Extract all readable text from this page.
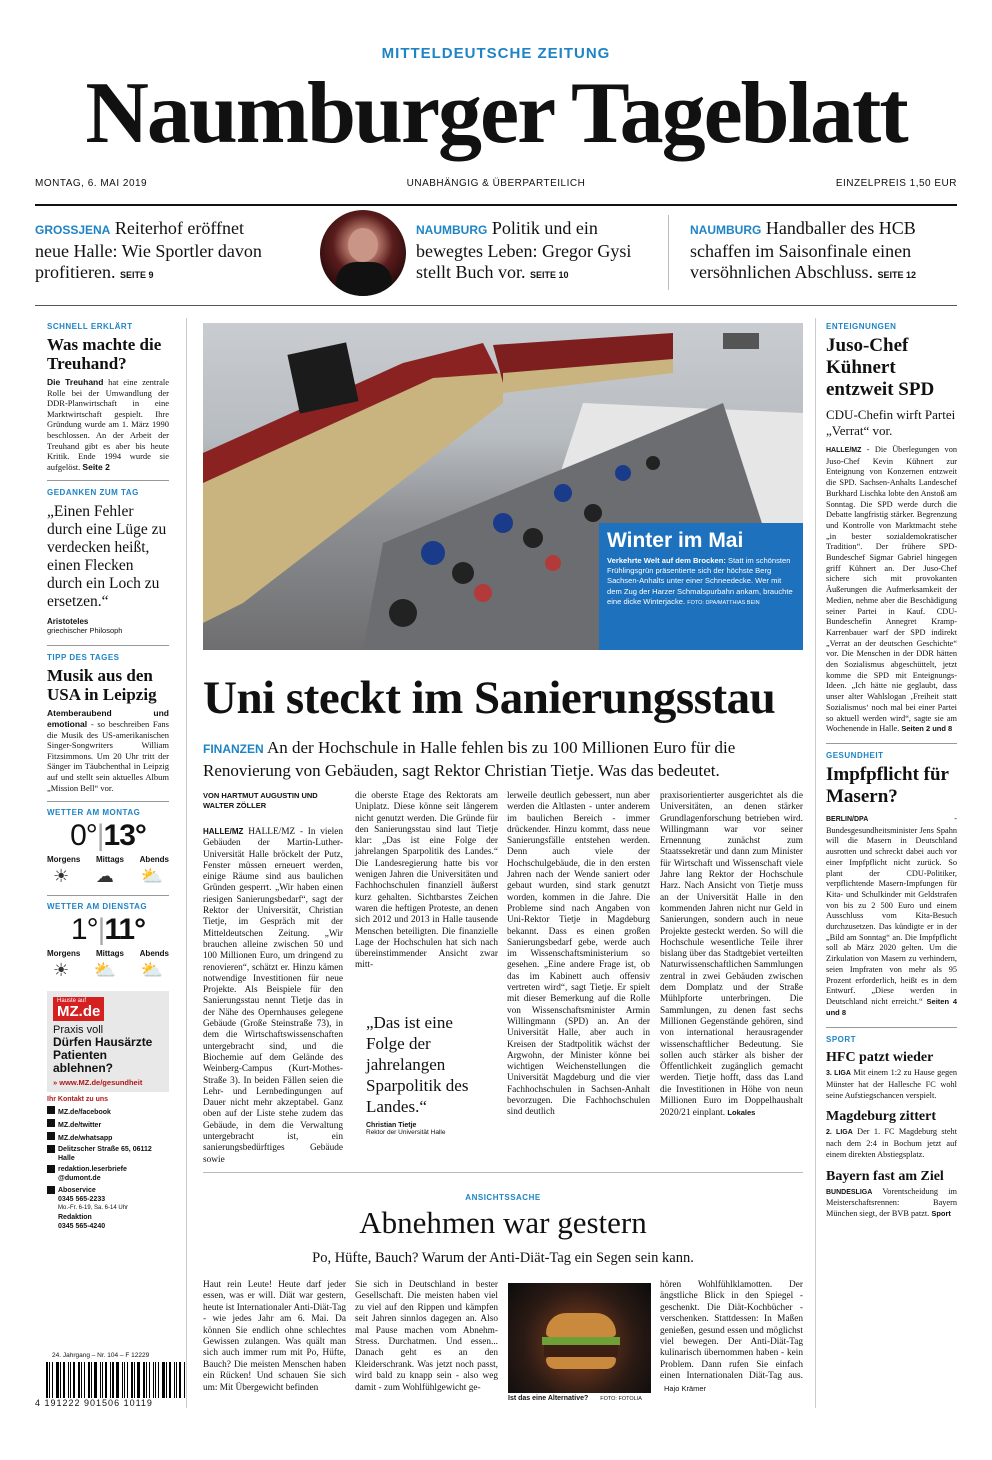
MITTELDEUTSCHE ZEITUNG
Naumburger Tageblatt
MONTAG, 6. MAI 2019	UNABHÄNGIG & ÜBERPARTEILICH	EINZELPREIS 1,50 EUR
GROSSJENA Reiterhof eröffnet neue Halle: Wie Sportler davon profitieren. SEITE 9
NAUMBURG Politik und ein bewegtes Leben: Gregor Gysi stellt Buch vor. SEITE 10
NAUMBURG Handballer des HCB schaffen im Saisonfinale einen versöhnlichen Abschluss. SEITE 12
SCHNELL ERKLÄRT
Was machte die Treuhand?
Die Treuhand hat eine zentrale Rolle bei der Umwandlung der DDR-Planwirtschaft in eine Marktwirtschaft gespielt. Ihre Gründung wurde am 1. März 1990 beschlossen. An der Arbeit der Treuhand gibt es aber bis heute Kritik. Ende 1994 wurde sie aufgelöst. Seite 2
GEDANKEN ZUM TAG
„Einen Fehler durch eine Lüge zu verdecken heißt, einen Flecken durch ein Loch zu ersetzen.“
Aristoteles
griechischer Philosoph
TIPP DES TAGES
Musik aus den USA in Leipzig
Atemberaubend und emotional - so beschreiben Fans die Musik des US-amerikanischen Singer-Songwriters William Fitzsimmons. Um 20 Uhr tritt der Sänger im Täubchenthal in Leipzig auf und stellt sein aktuelles Album „Mission Bell“ vor.
WETTER AM MONTAG
0°|13°
Morgens Mittags Abends
☀ ☁ ⛅
WETTER AM DIENSTAG
1°|11°
Morgens Mittags Abends
☀ ⛅ ⛅
Hauste auf
MZ.de
Praxis voll
Dürfen Hausärzte Patienten ablehnen?
» www.MZ.de/gesundheit
Ihr Kontakt zu uns
MZ.de/facebook
MZ.de/twitter
MZ.de/whatsapp
Delitzscher Straße 65, 06112 Halle
redaktion.leserbriefe @dumont.de
Aboservice
0345 565-2233
Mo.-Fr. 6-19, Sa. 6-14 Uhr
Redaktion
0345 565-4240
24. Jahrgang – Nr. 104 – F 12229
4 191222 901506 10119
Winter im Mai
Verkehrte Welt auf dem Brocken: Statt im schönsten Frühlingsgrün präsentierte sich der höchste Berg Sachsen-Anhalts unter einer Schneedecke. Wer mit dem Zug der Harzer Schmalspurbahn ankam, brauchte eine dicke Winterjacke. FOTO: DPA/MATTHIAS BEIN
Uni steckt im Sanierungsstau
FINANZEN An der Hochschule in Halle fehlen bis zu 100 Millionen Euro für die Renovierung von Gebäuden, sagt Rektor Christian Tietje. Was das bedeutet.
VON HARTMUT AUGUSTIN UND WALTER ZÖLLER
HALLE/MZ HALLE/MZ - In vielen Gebäuden der Martin-Luther-Universität Halle bröckelt der Putz, Fenster müssen erneuert werden, einige Räume sind aus baulichen Gründen gesperrt. „Wir haben einen riesigen Sanierungsbedarf“, sagt der Rektor der Universität, Christian Tietje, im Gespräch mit der Mitteldeutschen Zeitung. „Wir brauchen alleine zwischen 50 und 100 Millionen Euro, um dringend zu renovieren“, schätzt er. Hinzu kämen notwendige Investitionen für neue Projekte. Als Beispiele für den Sanierungsstau nennt Tietje das in der Nähe des Opernhauses gelegene Gebäude (Große Steinstraße 73), in dem die Wirtschaftswissenschaften untergebracht sind, und die Biochemie auf dem Gelände des Weinberg-Campus (Kurt-Mothes-Straße 3). In beiden Fällen seien die Lehr- und Lernbedingungen auf Dauer nicht mehr akzeptabel. Ganz oben auf der Liste stehe zudem das Gebäude, in dem die Verwaltung untergebracht ist, ein sanierungsbedürftiges Gebäude sowie
die oberste Etage des Rektorats am Uniplatz. Diese könne seit längerem nicht genutzt werden. Die Gründe für den Sanierungsstau sind laut Tietje klar: „Das ist eine Folge der jahrelangen Sparpolitik des Landes.“ Die Landesregierung hatte bis vor wenigen Jahren die Universitäten und Fachhochschulen finanziell äußerst kurz gehalten. Sichtbarstes Zeichen waren die heftigen Proteste, an denen sich 2012 und 2013 in Halle tausende Menschen beteiligten. Die finanzielle Lage der Hochschulen hat sich nach übereinstimmender Ansicht zwar mitt-
„Das ist eine Folge der jahrelangen Sparpolitik des Landes.“
Christian Tietje
Rektor der Universität Halle
lerweile deutlich gebessert, nun aber werden die Altlasten - unter anderem im baulichen Bereich - immer drückender. Hinzu kommt, dass neue Sanierungsfälle entstehen werden. Denn auch viele der Hochschulgebäude, die in den ersten Jahren nach der Wende saniert oder gebaut wurden, sind stark genutzt worden, kommen in die Jahre. Die Probleme sind nach Angaben von Uni-Rektor Tietje in Magdeburg bekannt. Dass es einen großen Sanierungsbedarf gebe, werde auch im Wissenschaftsministerium so gesehen. „Eine andere Frage ist, ob das im Kabinett auch offensiv vertreten wird“, sagt Tietje. Er spielt mit dieser Bemerkung auf die Rolle von Wissenschaftsminister Armin Willingmann (SPD) an. An der Universität Halle, aber auch in Kreisen der Stadtpolitik wächst der Argwohn, der Minister könne bei wichtigen Weichenstellungen die Universität Magdeburg und die vier Fachhochschulen in Sachsen-Anhalt bevorzugen. Die Fachhochschulen sind deutlich
praxisorientierter ausgerichtet als die Universitäten, an denen stärker Grundlagenforschung betrieben wird. Willingmann war vor seiner Ernennung zunächst zum Staatssekretär und dann zum Minister für Wirtschaft und Wissenschaft viele Jahre lang Rektor der Hochschule Harz. Nach Ansicht von Tietje muss an der Universität Halle in den kommenden Jahren nicht nur Geld in Sanierungen, sondern auch in neue Projekte gesteckt werden. So will die Hochschule wesentliche Teile ihrer bislang über das Stadtgebiet verteilten Naturwissenschaftlichen Sammlungen zentral in zwei Gebäuden zwischen dem Domplatz und der Straße Mühlpforte unterbringen. Die Sammlungen, zu denen fast sechs Millionen Gegenstände gehören, sind von international herausragender wissenschaftlicher Bedeutung. Sie sollen auch stärker als bisher der Öffentlichkeit zugänglich gemacht werden. Tietje hofft, dass das Land die Investitionen in Höhe von neun Millionen Euro im Doppelhaushalt 2020/21 einplant. Lokales
ANSICHTSSACHE
Abnehmen war gestern
Po, Hüfte, Bauch? Warum der Anti-Diät-Tag ein Segen sein kann.
Haut rein Leute! Heute darf jeder essen, was er will. Diät war gestern, heute ist Internationaler Anti-Diät-Tag - wie jedes Jahr am 6. Mai. Da können Sie endlich ohne schlechtes Gewissen zulangen. Was quält man sich auch immer rum mit Po, Hüfte, Bauch? Die meisten Menschen haben ein Rücken! Und schauen Sie sich um: Mit Übergewicht befinden
Sie sich in Deutschland in bester Gesellschaft. Die meisten haben viel zu viel auf den Rippen und kämpfen seit Jahren sinnlos dagegen an. Also mal Pause machen vom Abnehm-Stress. Durchatmen. Und essen... Danach geht es an den Kleiderschrank. Was jetzt noch passt, wird bald zu knapp sein - also weg damit - zum Wohlfühlgewicht ge-
Ist das eine Alternative? FOTO: FOTOLIA
hören Wohlfühlklamotten. Der ängstliche Blick in den Spiegel - geschenkt. Die Diät-Kochbücher - verschenken. Stattdessen: In Maßen genießen, gesund essen und möglichst viel bewegen. Der Anti-Diät-Tag kulinarisch übernommen haben - kein Problem. Dann rufen Sie einfach einen Internationalen Diät-Tag aus. Hajo Krämer
ENTEIGNUNGEN
Juso-Chef Kühnert entzweit SPD
CDU-Chefin wirft Partei „Verrat“ vor.
HALLE/MZ - Die Überlegungen von Juso-Chef Kevin Kühnert zur Enteignung von Konzernen entzweit die SPD. Sachsen-Anhalts Landeschef Burkhard Lischka lobte den Anstoß am Sonntag. Die SPD werde durch die Debatte langfristig stärker. Begrenzung und Kontrolle von Marktmacht stehe „in bester sozialdemokratischer Tradition“. Der frühere SPD-Bundeschef Sigmar Gabriel hingegen griff Kühnert an. Der Juso-Chef sichere sich mit provokanten Äußerungen die Aufmerksamkeit der Medien, nehme aber die Beschädigung seiner Partei in Kauf. CDU-Bundeschefin Annegret Kramp-Karrenbauer warf der SPD indirekt „Verrat an der deutschen Geschichte“ vor. Die Menschen in der DDR hätten den Sozialismus abgeschüttelt, jetzt komme die SPD mit Enteignungs-Ideen. „Ich hätte nie geglaubt, dass unser alter Wahlslogan ‚Freiheit statt Sozialismus‘ noch mal bei einer Partei so aktuell werden wird“, sagte sie am Wochenende in Halle. Seiten 2 und 8
GESUNDHEIT
Impfpflicht für Masern?
BERLIN/DPA	- Bundesgesundheitsminister Jens Spahn will die Masern in Deutschland ausrotten und schreckt dabei auch vor einer Impfpflicht nicht zurück. So plant der CDU-Politiker, verpflichtende Masern-Impfungen für Kita- und Schulkinder mit Geldstrafen von bis zu 2 500 Euro und einem Ausschluss vom Kita-Besuch durchzusetzen. Das kündigte er in der „Bild am Sonntag“ an. Die Impfpflicht soll ab März 2020 gelten. Um die Zirkulation von Masern zu verhindern, seien Impfraten von mehr als 95 Prozent erforderlich, heißt es in dem Entwurf. „Diese werden in Deutschland nicht erreicht.“ Seiten 4 und 8
SPORT
HFC patzt wieder
3. LIGA Mit einem 1:2 zu Hause gegen Münster hat der Hallesche FC wohl seine Aufstiegschancen verspielt.
Magdeburg zittert
2. LIGA Der 1. FC Magdeburg steht nach dem 2:4 in Bochum jetzt auf einem direkten Abstiegsplatz.
Bayern fast am Ziel
BUNDESLIGA Vorentscheidung im Meisterschaftsrennen: Bayern München siegt, der BVB patzt. Sport
